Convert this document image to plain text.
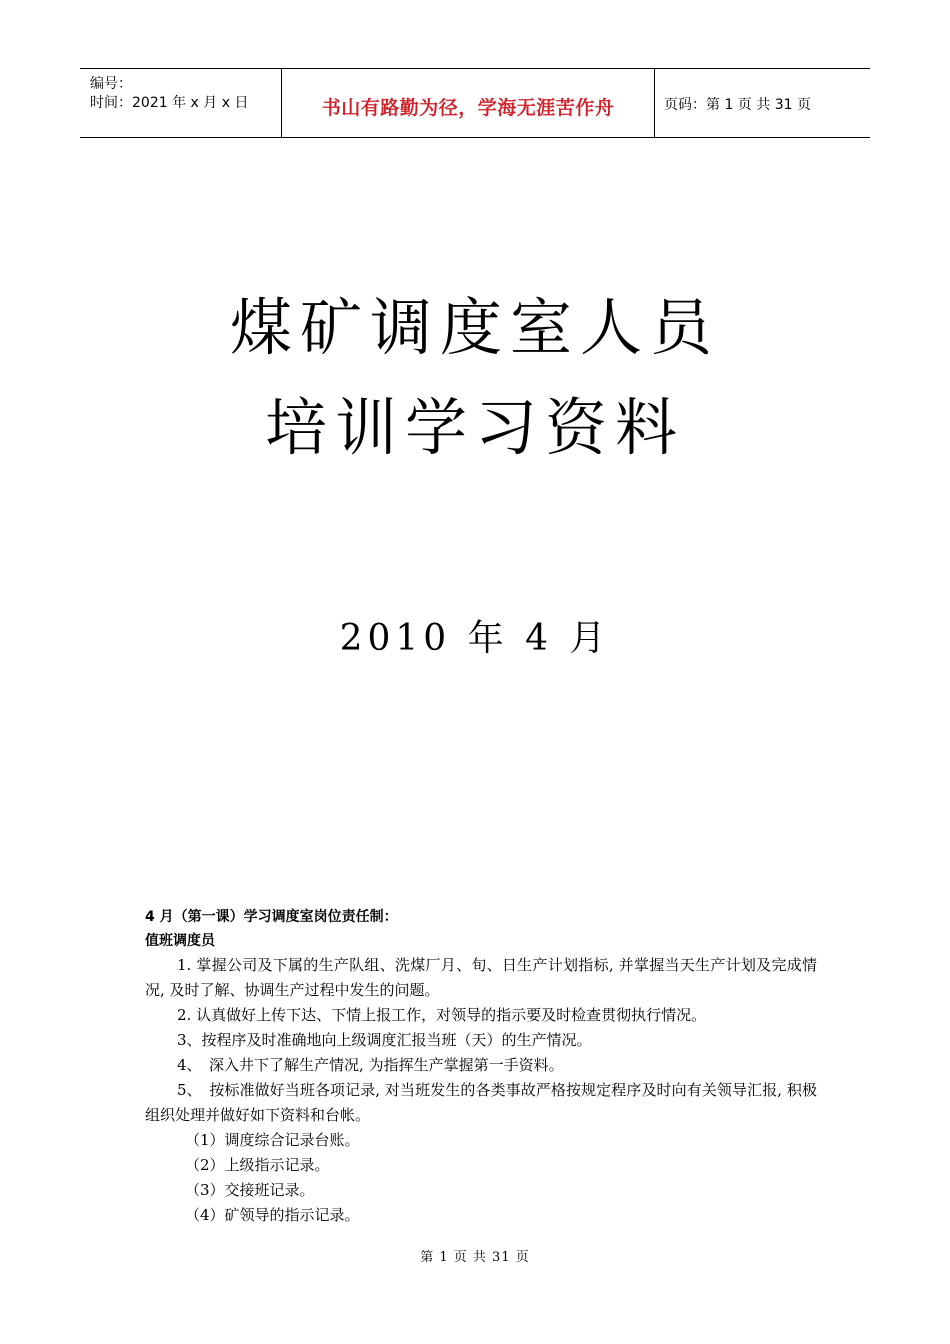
编号：
时间：2021 年 x 月 x 日	书山有路勤为径，学海无涯苦作舟	页码：第 1 页 共 31 页
煤矿调度室人员
培训学习资料
2010 年 4 月
4 月（第一课）学习调度室岗位责任制：
值班调度员

1. 掌握公司及下属的生产队组、洗煤厂月、旬、日生产计划指标, 并掌握当天生产计划及完成情况, 及时了解、协调生产过程中发生的问题。

2. 认真做好上传下达、下情上报工作，对领导的指示要及时检查贯彻执行情况。

3、按程序及时准确地向上级调度汇报当班（天）的生产情况。

4、　深入井下了解生产情况, 为指挥生产掌握第一手资料。

5、　按标准做好当班各项记录, 对当班发生的各类事故严格按规定程序及时向有关领导汇报, 积极组织处理并做好如下资料和台帐。

（1）调度综合记录台账。

（2）上级指示记录。

（3）交接班记录。

（4）矿领导的指示记录。

第 1 页 共 31 页
